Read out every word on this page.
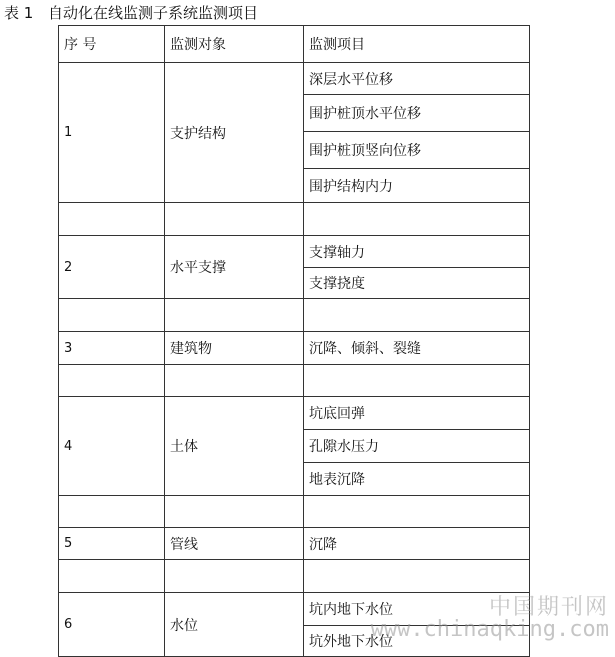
表 1 自动化在线监测子系统监测项目
序 号	监测对象	监测项目
1	支护结构	深层水平位移
		围护桩顶水平位移
		围护桩顶竖向位移
		围护结构内力

2	水平支撑	支撑轴力
		支撑挠度

3	建筑物	沉降、倾斜、裂缝

4	土体	坑底回弹
		孔隙水压力
		地表沉降

5	管线	沉降

6	水位	坑内地下水位
		坑外地下水位
中国期刊网
www.chinaqking.com
